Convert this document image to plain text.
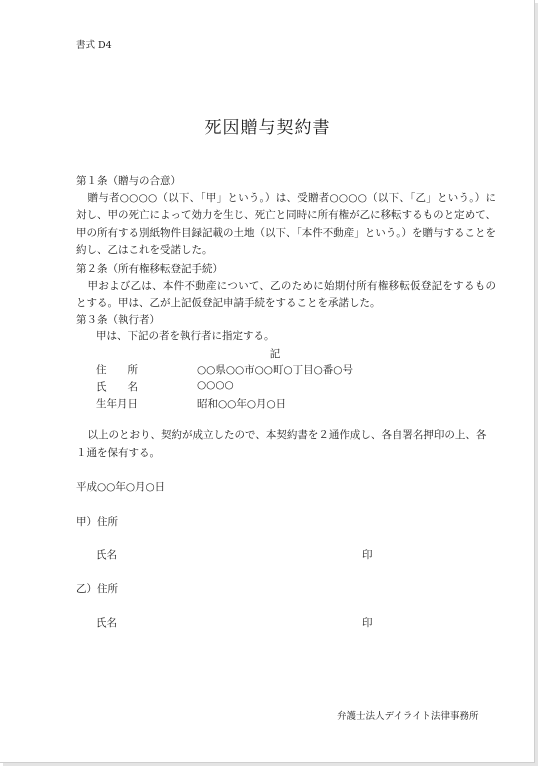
書式 D4
死因贈与契約書
第１条（贈与の合意）
贈与者○○○○（以下、「甲」という。）は、受贈者○○○○（以下、「乙」という。）に対し、甲の死亡によって効力を生じ、死亡と同時に所有権が乙に移転するものと定めて、甲の所有する別紙物件目録記載の土地（以下、「本件不動産」という。）を贈与することを約し、乙はこれを受諾した。
第２条（所有権移転登記手続）
甲および乙は、本件不動産について、乙のために始期付所有権移転仮登記をするものとする。甲は、乙が上記仮登記申請手続をすることを承諾した。
第３条（執行者）
甲は、下記の者を執行者に指定する。
記
住　　所	○○県○○市○○町○丁目○番○号
氏　　名	○○○○
生年月日	昭和○○年○月○日
以上のとおり、契約が成立したので、本契約書を２通作成し、各自署名押印の上、各１通を保有する。
平成○○年○月○日
甲）住所
氏名	印
乙）住所
氏名	印
弁護士法人デイライト法律事務所
